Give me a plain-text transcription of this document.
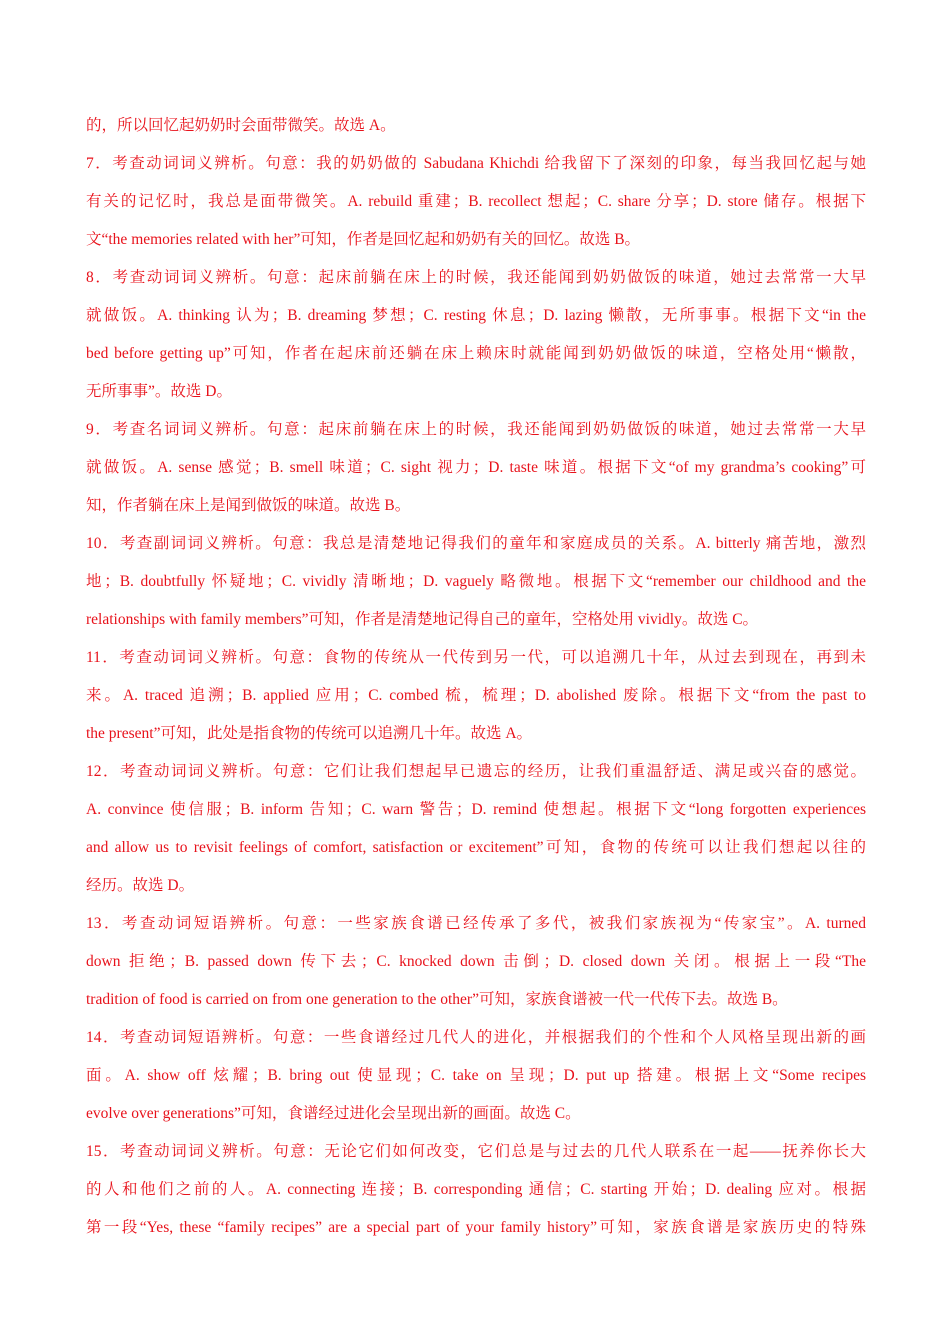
的，所以回忆起奶奶时会面带微笑。故选 A。
7．考查动词词义辨析。句意：我的奶奶做的 Sabudana Khichdi 给我留下了深刻的印象，每当我回忆起与她
有关的记忆时，我总是面带微笑。A. rebuild 重建；B. recollect 想起；C. share 分享；D. store 储存。根据下
文“the memories related with her”可知，作者是回忆起和奶奶有关的回忆。故选 B。
8．考查动词词义辨析。句意：起床前躺在床上的时候，我还能闻到奶奶做饭的味道，她过去常常一大早
就做饭。A. thinking 认为；B. dreaming 梦想；C. resting 休息；D. lazing 懒散，无所事事。根据下文“in the
bed before getting up”可知，作者在起床前还躺在床上赖床时就能闻到奶奶做饭的味道，空格处用“懒散，
无所事事”。故选 D。
9．考查名词词义辨析。句意：起床前躺在床上的时候，我还能闻到奶奶做饭的味道，她过去常常一大早
就做饭。A. sense 感觉；B. smell 味道；C. sight 视力；D. taste 味道。根据下文“of my grandma’s cooking”可
知，作者躺在床上是闻到做饭的味道。故选 B。
10．考查副词词义辨析。句意：我总是清楚地记得我们的童年和家庭成员的关系。A. bitterly 痛苦地，激烈
地；B. doubtfully 怀疑地；C. vividly 清晰地；D. vaguely 略微地。根据下文“remember our childhood and the
relationships with family members”可知，作者是清楚地记得自己的童年，空格处用 vividly。故选 C。
11．考查动词词义辨析。句意：食物的传统从一代传到另一代，可以追溯几十年，从过去到现在，再到未
来。A. traced 追溯；B. applied 应用；C. combed 梳，梳理；D. abolished 废除。根据下文“from the past to
the present”可知，此处是指食物的传统可以追溯几十年。故选 A。
12．考查动词词义辨析。句意：它们让我们想起早已遗忘的经历，让我们重温舒适、满足或兴奋的感觉。
A. convince 使信服；B. inform 告知；C. warn 警告；D. remind 使想起。根据下文“long forgotten experiences
and allow us to revisit feelings of comfort, satisfaction or excitement”可知，食物的传统可以让我们想起以往的
经历。故选 D。
13．考查动词短语辨析。句意：一些家族食谱已经传承了多代，被我们家族视为“传家宝”。A. turned
down 拒绝；B. passed down 传下去；C. knocked down 击倒；D. closed down 关闭。根据上一段“The
tradition of food is carried on from one generation to the other”可知，家族食谱被一代一代传下去。故选 B。
14．考查动词短语辨析。句意：一些食谱经过几代人的进化，并根据我们的个性和个人风格呈现出新的画
面。A. show off 炫耀；B. bring out 使显现；C. take on 呈现；D. put up 搭建。根据上文“Some recipes
evolve over generations”可知，食谱经过进化会呈现出新的画面。故选 C。
15．考查动词词义辨析。句意：无论它们如何改变，它们总是与过去的几代人联系在一起——抚养你长大
的人和他们之前的人。A. connecting 连接；B. corresponding 通信；C. starting 开始；D. dealing 应对。根据
第一段“Yes, these “family recipes” are a special part of your family history”可知，家族食谱是家族历史的特殊
